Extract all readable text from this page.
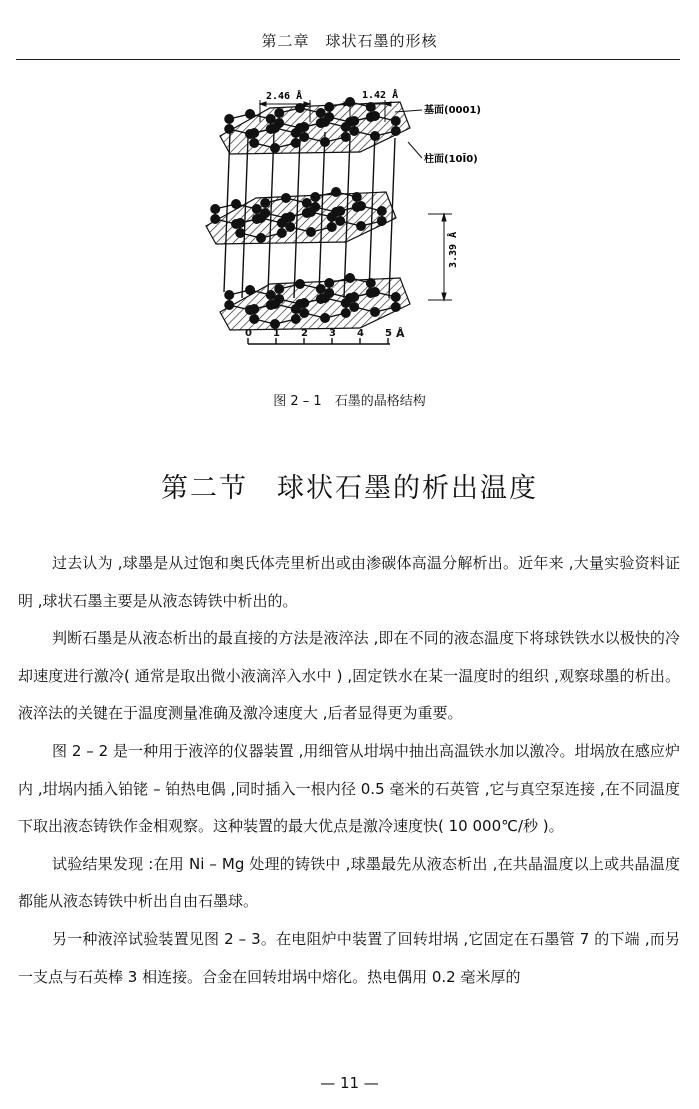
第二章　球状石墨的形核
2.46 Å	1.42 Å
基面(0001)
柱面(10Ī0)
3.39 Å
0 1 2 3 4 5 Å
图 2 – 1　石墨的晶格结构
第二节　球状石墨的析出温度

过去认为 ,球墨是从过饱和奥氏体壳里析出或由渗碳体高温分解析出。近年来 ,大量实验资料证明 ,球状石墨主要是从液态铸铁中析出的。

判断石墨是从液态析出的最直接的方法是液淬法 ,即在不同的液态温度下将球铁铁水以极快的冷却速度进行激冷( 通常是取出微小液滴淬入水中 ) ,固定铁水在某一温度时的组织 ,观察球墨的析出。液淬法的关键在于温度测量准确及激冷速度大 ,后者显得更为重要。

图 2 – 2 是一种用于液淬的仪器装置 ,用细管从坩埚中抽出高温铁水加以激冷。坩埚放在感应炉内 ,坩埚内插入铂铑 – 铂热电偶 ,同时插入一根内径 0.5 毫米的石英管 ,它与真空泵连接 ,在不同温度下取出液态铸铁作金相观察。这种装置的最大优点是激冷速度快( 10 000℃/秒 )。

试验结果发现 :在用 Ni – Mg 处理的铸铁中 ,球墨最先从液态析出 ,在共晶温度以上或共晶温度都能从液态铸铁中析出自由石墨球。

另一种液淬试验装置见图 2 – 3。在电阻炉中装置了回转坩埚 ,它固定在石墨管 7 的下端 ,而另一支点与石英棒 3 相连接。合金在回转坩埚中熔化。热电偶用 0.2 毫米厚的

— 11 —
